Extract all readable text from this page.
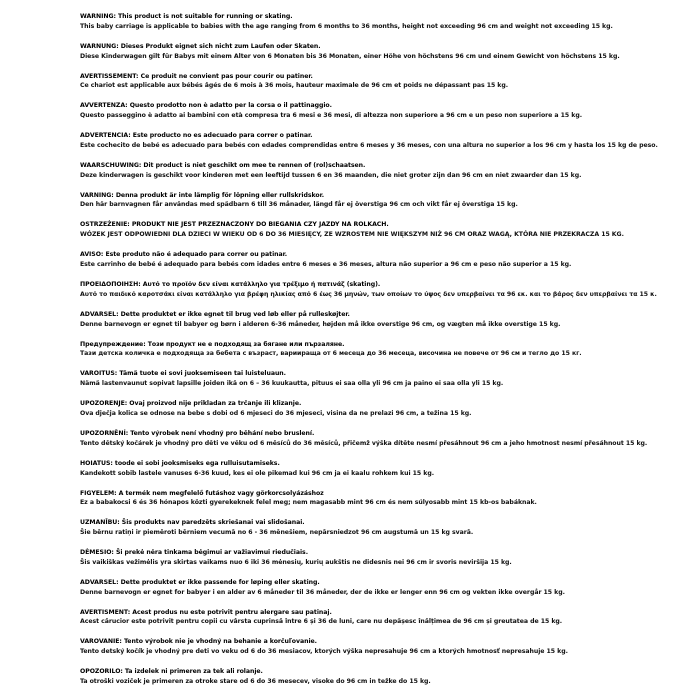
WARNING: This product is not suitable for running or skating.

This baby carriage is applicable to babies with the age ranging from 6 months to 36 months, height not exceeding 96 cm and weight not exceeding 15 kg.

WARNUNG: Dieses Produkt eignet sich nicht zum Laufen oder Skaten.

Diese Kinderwagen gilt für Babys mit einem Alter von 6 Monaten bis 36 Monaten, einer Höhe von höchstens 96 cm und einem Gewicht von höchstens 15 kg.

AVERTISSEMENT: Ce produit ne convient pas pour courir ou patiner.

Ce chariot est applicable aux bébés âgés de 6 mois à 36 mois, hauteur maximale de 96 cm et poids ne dépassant pas 15 kg.

AVVERTENZA: Questo prodotto non è adatto per la corsa o il pattinaggio.

Questo passeggino è adatto ai bambini con età compresa tra 6 mesi e 36 mesi, di altezza non superiore a 96 cm e un peso non superiore a 15 kg.

ADVERTENCIA: Este producto no es adecuado para correr o patinar.

Este cochecito de bebé es adecuado para bebés con edades comprendidas entre 6 meses y 36 meses, con una altura no superior a los 96 cm y hasta los 15 kg de peso.

WAARSCHUWING: Dit product is niet geschikt om mee te rennen of (rol)schaatsen.

Deze kinderwagen is geschikt voor kinderen met een leeftijd tussen 6 en 36 maanden, die niet groter zijn dan 96 cm en niet zwaarder dan 15 kg.

VARNING: Denna produkt är inte lämplig för löpning eller rullskridskor.

Den här barnvagnen får användas med spädbarn 6 till 36 månader, längd får ej överstiga 96 cm och vikt får ej överstiga 15 kg.

OSTRZEŻENIE: PRODUKT NIE JEST PRZEZNACZONY DO BIEGANIA CZY JAZDY NA ROLKACH.

WÓZEK JEST ODPOWIEDNI DLA DZIECI W WIEKU OD 6 DO 36 MIESIĘCY, ZE WZROSTEM NIE WIĘKSZYM NIŻ 96 CM ORAZ WAGĄ, KTÓRA NIE PRZEKRACZA 15 KG.

AVISO: Este produto não é adequado para correr ou patinar.

Este carrinho de bebé é adequado para bebés com idades entre 6 meses e 36 meses, altura não superior a 96 cm e peso não superior a 15 kg.

ΠΡΟΕΙΔΟΠΟΙΗΣΗ: Αυτό το προϊόν δεν είναι κατάλληλο για τρέξιμο ή πατινάζ (skating).

Αυτό το παιδικό καροτσάκι είναι κατάλληλο για βρέφη ηλικίας από 6 έως 36 μηνών, των οποίων το ύψος δεν υπερβαίνει τα 96 εκ. και το βάρος δεν υπερβαίνει τα 15 κ.

ADVARSEL: Dette produktet er ikke egnet til brug ved løb eller på rulleskøjter.

Denne barnevogn er egnet til babyer og børn i alderen 6-36 måneder, højden må ikke overstige 96 cm, og vægten må ikke overstige 15 kg.

Предупреждение: Този продукт не е подходящ за бягане или пързаляне.

Тази детска количка е подходяща за бебета с възраст, вариираща от 6 месеца до 36 месеца, височина не повече от 96 см и тегло до 15 кг.

VAROITUS: Tämä tuote ei sovi juoksemiseen tai luisteluaun.

Nämä lastenvaunut sopivat lapsille joiden ikä on 6 – 36 kuukautta, pituus ei saa olla yli 96 cm ja paino ei saa olla yli 15 kg.

UPOZORENJE: Ovaj proizvod nije prikladan za trčanje ili klizanje.

Ova dječja kolica se odnose na bebe s dobi od 6 mjeseci do 36 mjeseci, visina da ne prelazi 96 cm, a težina 15 kg.

UPOZORNĚNÍ: Tento výrobek není vhodný pro běhání nebo bruslení.

Tento dětský kočárek je vhodný pro děti ve věku od 6 měsíců do 36 měsíců, přičemž výška dítěte nesmí přesáhnout 96 cm a jeho hmotnost nesmí přesáhnout 15 kg.

HOIATUS: toode ei sobi jooksmiseks ega rulluisutamiseks.

Kandekott sobib lastele vanuses 6-36 kuud, kes ei ole pikemad kui 96 cm ja ei kaalu rohkem kui 15 kg.

FIGYELEM: A termék nem megfelelő futáshoz vagy görkorcsolyázáshoz

Ez a babakocsi 6 és 36 hónapos közti gyerekeknek felel meg; nem magasabb mint 96 cm és nem súlyosabb mint 15 kb-os babáknak.

UZMANĪBU: Šis produkts nav paredzēts skriešanai vai slidošanai.

Šie bērnu ratiņi ir piemēroti bērniem vecumā no 6 - 36 mēnešiem, nepārsniedzot 96 cm augstumā un 15 kg svarā.

DĖMESIO: Ši prekė nėra tinkama bėgimui ar važiavimui riedučiais.

Šis vaikiškas vežimėlis yra skirtas vaikams nuo 6 iki 36 mėnesių, kurių aukštis ne didesnis nei 96 cm ir svoris neviršija 15 kg.

ADVARSEL: Dette produktet er ikke passende for løping eller skating.

Denne barnevogn er egnet for babyer i en alder av 6 måneder til 36 måneder, der de ikke er lenger enn 96 cm og vekten ikke overgår 15 kg.

AVERTISMENT: Acest produs nu este potrivit pentru alergare sau patinaj.

Acest cărucior este potrivit pentru copii cu vârsta cuprinsă între 6 și 36 de luni, care nu depășesc înălțimea de 96 cm și greutatea de 15 kg.

VAROVANIE: Tento výrobok nie je vhodný na behanie a korčuľovanie.

Tento detský kočík je vhodný pre deti vo veku od 6 do 36 mesiacov, ktorých výška nepresahuje 96 cm a ktorých hmotnosť nepresahuje 15 kg.

OPOZORILO: Ta izdelek ni primeren za tek ali rolanje.

Ta otroški voziček je primeren za otroke stare od 6 do 36 mesecev, visoke do 96 cm in težke do 15 kg.
